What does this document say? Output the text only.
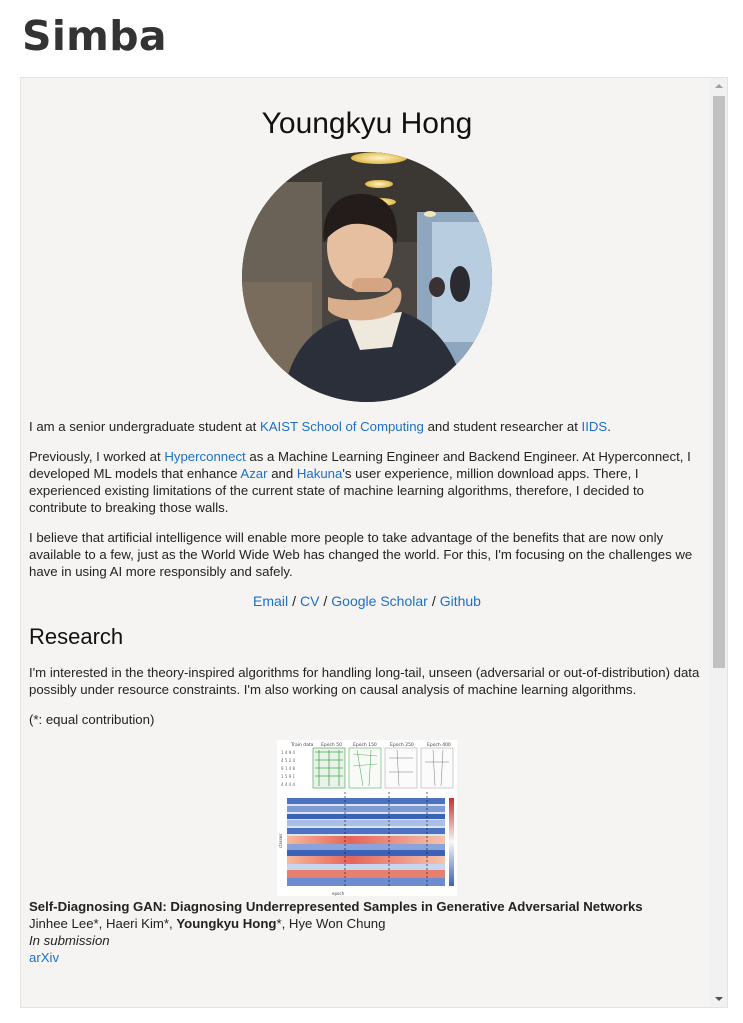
Simba
Youngkyu Hong

I am a senior undergraduate student at KAIST School of Computing and student researcher at IIDS.

Previously, I worked at Hyperconnect as a Machine Learning Engineer and Backend Engineer. At Hyperconnect, I developed ML models that enhance Azar and Hakuna's user experience, million download apps. There, I experienced existing limitations of the current state of machine learning algorithms, therefore, I decided to contribute to breaking those walls.

I believe that artificial intelligence will enable more people to take advantage of the benefits that are now only available to a few, just as the World Wide Web has changed the world. For this, I'm focusing on the challenges we have in using AI more responsibly and safely.

Email / CV / Google Scholar / Github
Research

I'm interested in the theory-inspired algorithms for handling long-tail, unseen (adversarial or out-of-distribution) data possibly under resource constraints. I'm also working on causal analysis of machine learning algorithms.

(*: equal contribution)

Train data Epoch 50 Epoch 150	Epoch 250	Epoch 400
1 4 9 4
4 5 2 4
9 1 4 8
1 5 9 1
4 4 4 4
epoch
classes

Self-Diagnosing GAN: Diagnosing Underrepresented Samples in Generative Adversarial Networks

Jinhee Lee*, Haeri Kim*, Youngkyu Hong*, Hye Won Chung

In submission

arXiv
